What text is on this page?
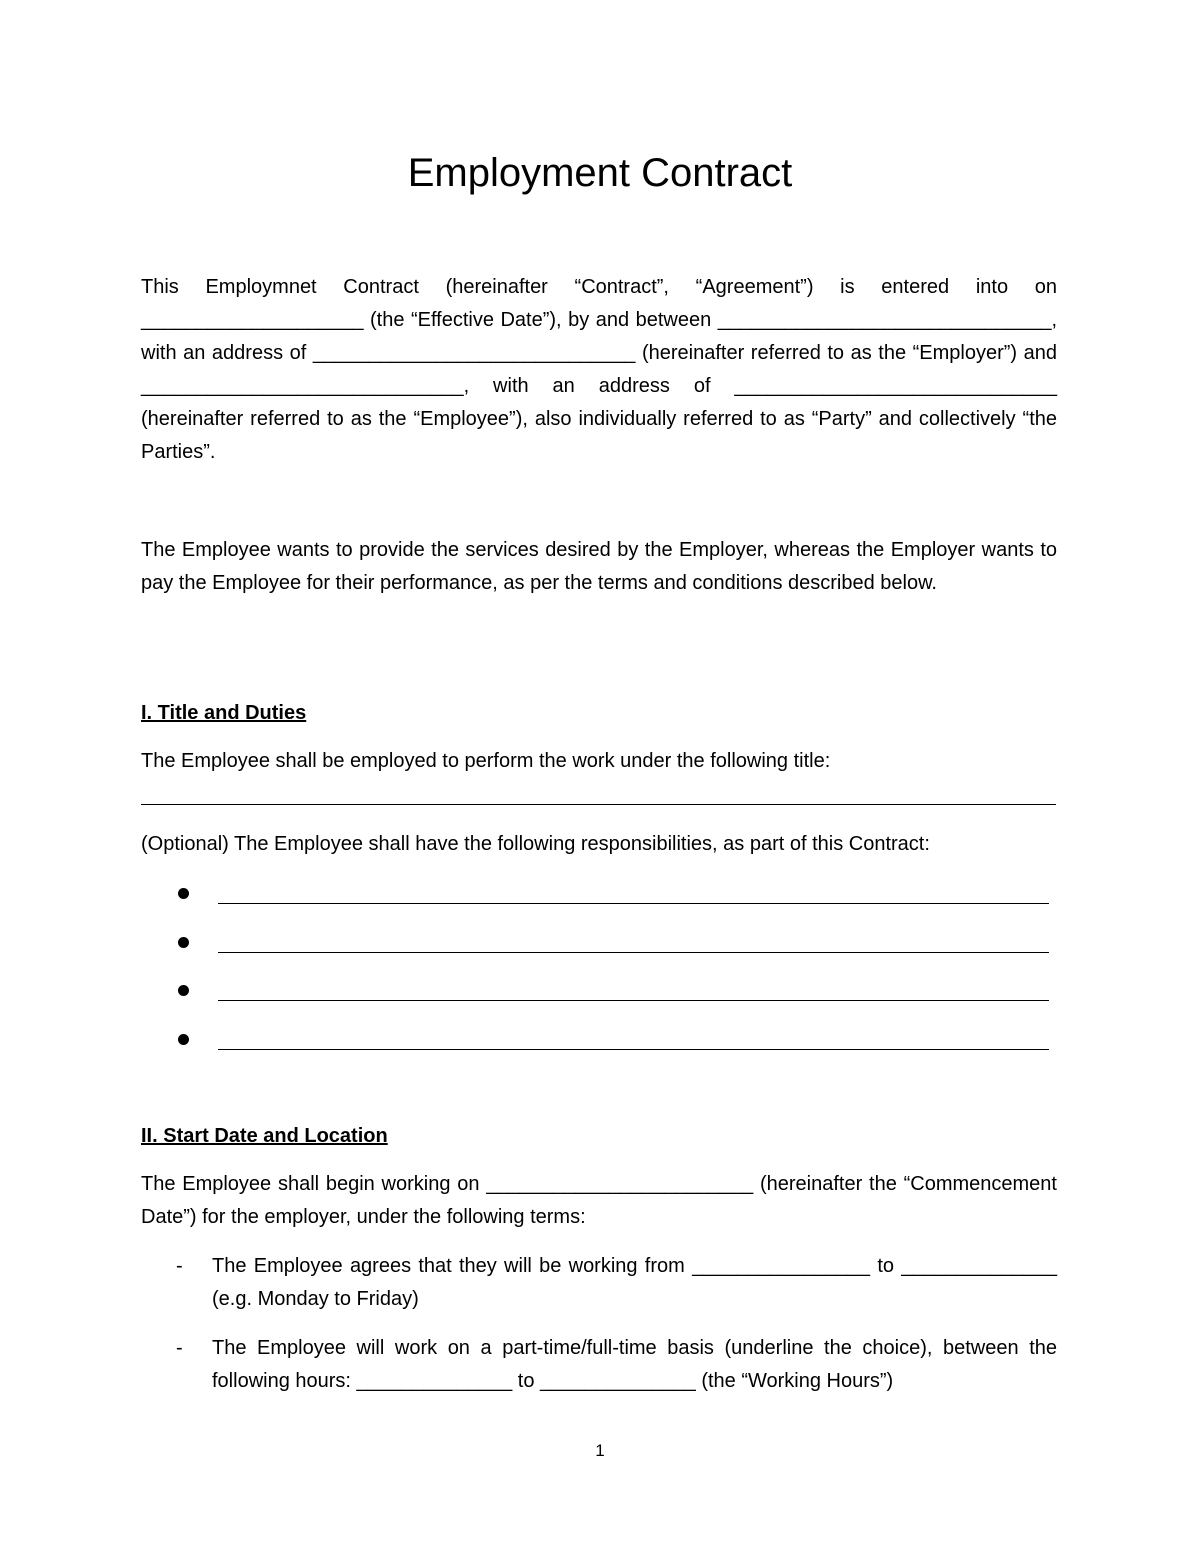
Employment Contract

This Employmnet Contract (hereinafter “Contract”, “Agreement”) is entered into on ____________________ (the “Effective Date”), by and between ______________________________, with an address of _____________________________ (hereinafter referred to as the “Employer”) and _____________________________, with an address of _____________________________ (hereinafter referred to as the “Employee”), also individually referred to as “Party” and collectively “the Parties”.

The Employee wants to provide the services desired by the Employer, whereas the Employer wants to pay the Employee for their performance, as per the terms and conditions described below.

I. Title and Duties

The Employee shall be employed to perform the work under the following title:

(Optional) The Employee shall have the following responsibilities, as part of this Contract:

II. Start Date and Location

The Employee shall begin working on ________________________ (hereinafter the “Commencement Date”) for the employer, under the following terms:

- The Employee agrees that they will be working from ________________ to ______________ (e.g. Monday to Friday)
- The Employee will work on a part-time/full-time basis (underline the choice), between the following hours: ______________ to ______________ (the “Working Hours”)
1
